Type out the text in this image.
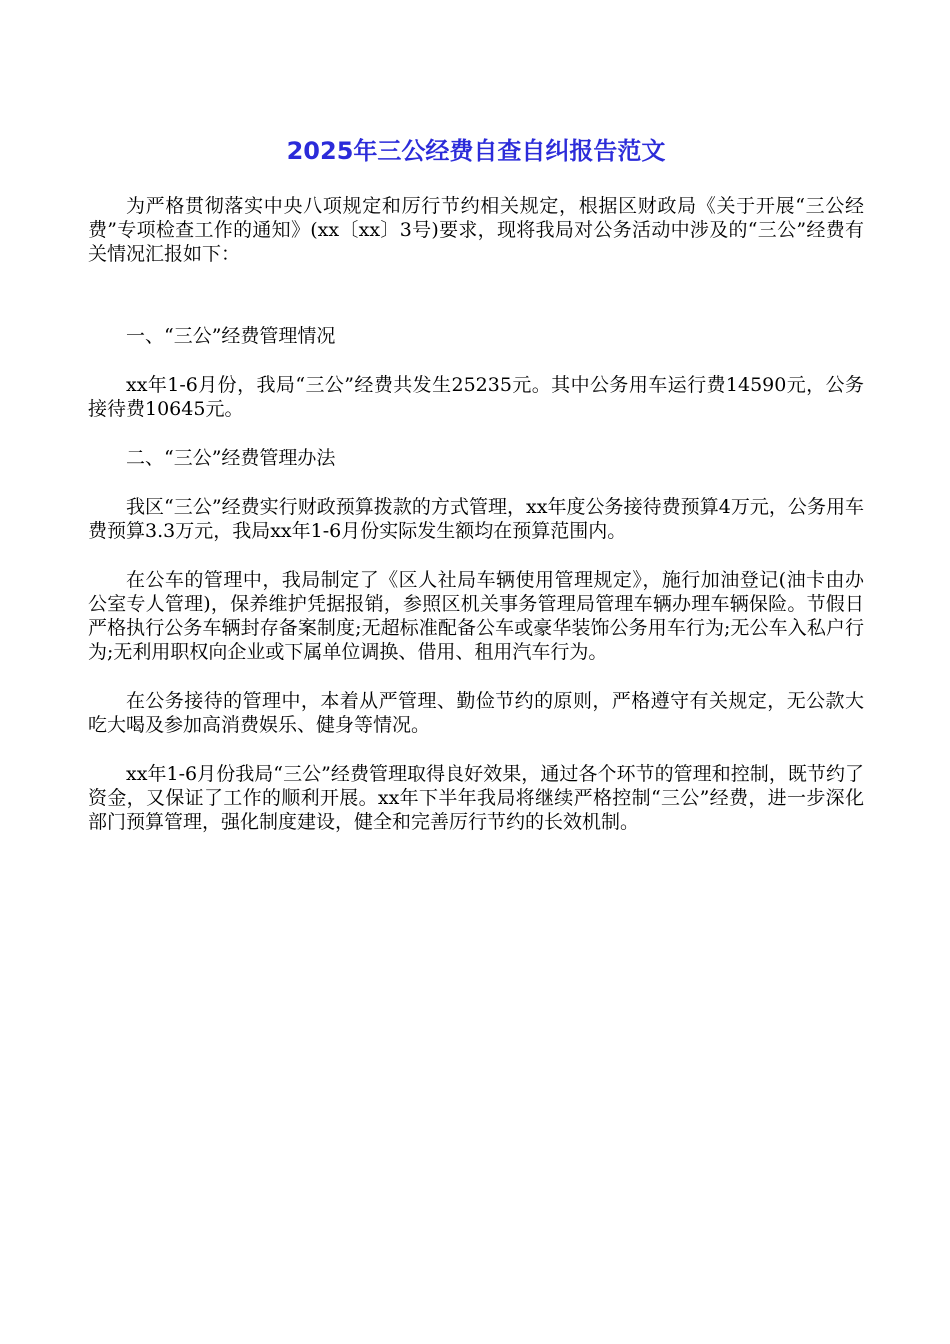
2025年三公经费自查自纠报告范文

为严格贯彻落实中央八项规定和厉行节约相关规定，根据区财政局《关于开展“三公经费”专项检查工作的通知》(xx〔xx〕3号)要求，现将我局对公务活动中涉及的“三公”经费有关情况汇报如下：

一、“三公”经费管理情况

xx年1-6月份，我局“三公”经费共发生25235元。其中公务用车运行费14590元，公务接待费10645元。

二、“三公”经费管理办法

我区“三公”经费实行财政预算拨款的方式管理，xx年度公务接待费预算4万元，公务用车费预算3.3万元，我局xx年1-6月份实际发生额均在预算范围内。

在公车的管理中，我局制定了《区人社局车辆使用管理规定》，施行加油登记(油卡由办公室专人管理)，保养维护凭据报销，参照区机关事务管理局管理车辆办理车辆保险。节假日严格执行公务车辆封存备案制度;无超标准配备公车或豪华装饰公务用车行为;无公车入私户行为;无利用职权向企业或下属单位调换、借用、租用汽车行为。

在公务接待的管理中，本着从严管理、勤俭节约的原则，严格遵守有关规定，无公款大吃大喝及参加高消费娱乐、健身等情况。

xx年1-6月份我局“三公”经费管理取得良好效果，通过各个环节的管理和控制，既节约了资金，又保证了工作的顺利开展。xx年下半年我局将继续严格控制“三公”经费，进一步深化部门预算管理，强化制度建设，健全和完善厉行节约的长效机制。
